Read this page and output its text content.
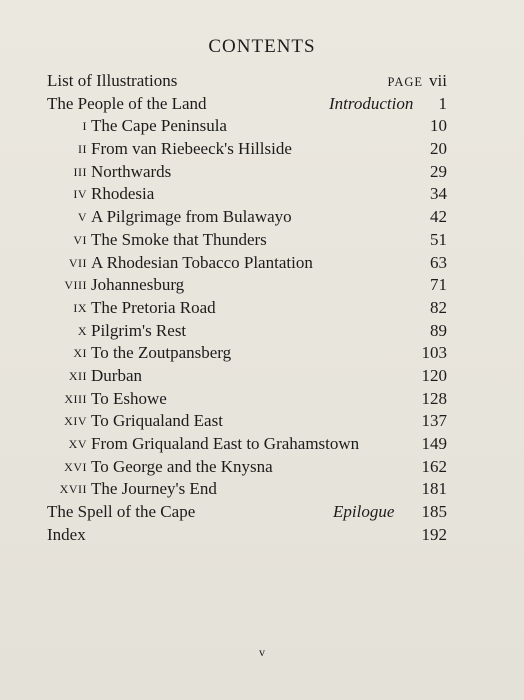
CONTENTS
List of Illustrations	PAGE vii
The People of the Land	Introduction 1
I The Cape Peninsula	10
II From van Riebeeck's Hillside	20
III Northwards	29
IV Rhodesia	34
V A Pilgrimage from Bulawayo	42
VI The Smoke that Thunders	51
VII A Rhodesian Tobacco Plantation	63
VIII Johannesburg	71
IX The Pretoria Road	82
X Pilgrim's Rest	89
XI To the Zoutpansberg	103
XII Durban	120
XIII To Eshowe	128
XIV To Griqualand East	137
XV From Griqualand East to Grahamstown	149
XVI To George and the Knysna	162
XVII The Journey's End	181
The Spell of the Cape	Epilogue 185
Index	192
v
